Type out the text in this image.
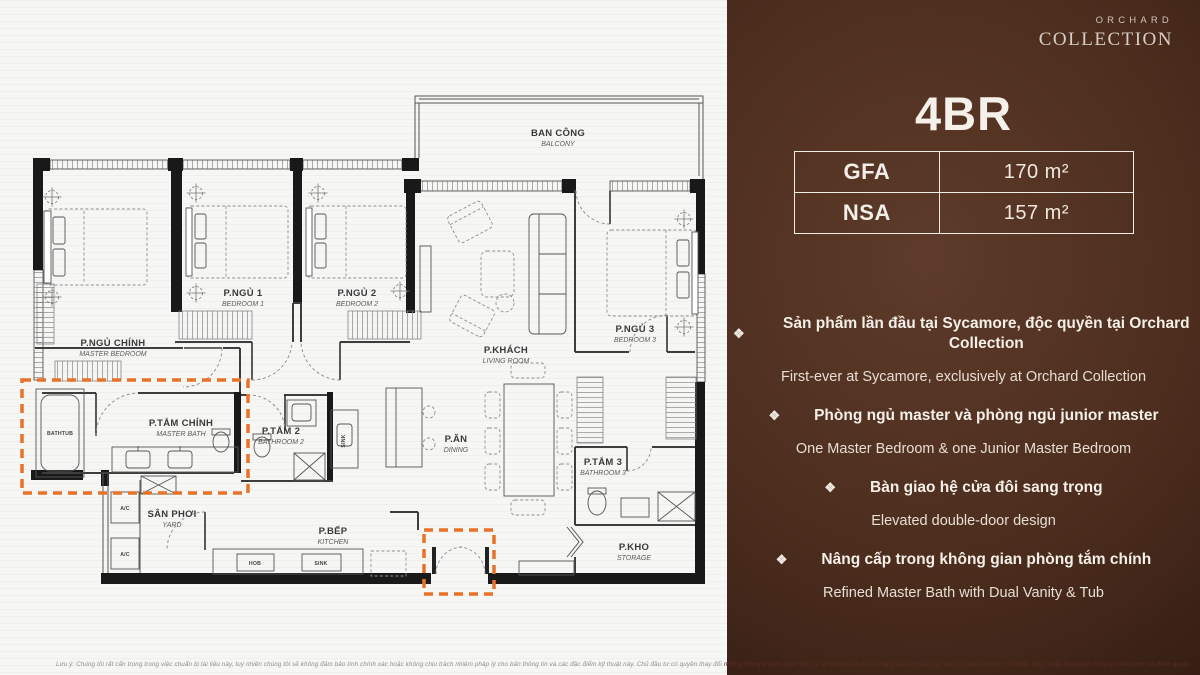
BAN CÔNG
BALCONY
P.NGỦ CHÍNH
MASTER BEDROOM
P.NGỦ 1
BEDROOM 1
P.NGỦ 2
BEDROOM 2
P.KHÁCH
LIVING ROOM
P.NGỦ 3
BEDROOM 3
P.TẮM CHÍNH
MASTER BATH	P.TẮM 2
BATHROOM 2	P.ĂN
DINING
P.TẮM 3
BATHROOM 3
SÂN PHƠI
YARD
P.BẾP
KITCHEN	P.KHO
STORAGE
BATHTUB
SINK
A/C
A/C
HOB	SINK
ORCHARD
COLLECTION
4BR
GFA	170 m²
NSA	157 m²
❖
Sản phẩm lần đầu tại Sycamore, độc quyền tại Orchard Collection
First-ever at Sycamore, exclusively at Orchard Collection
❖ Phòng ngủ master và phòng ngủ junior master
One Master Bedroom & one Junior Master Bedroom
❖ Bàn giao hệ cửa đôi sang trọng
Elevated double-door design
❖ Nâng cấp trong không gian phòng tắm chính
Refined Master Bath with Dual Vanity & Tub
Lưu ý: Chúng tôi rất cẩn trọng trong việc chuẩn bị tài liệu này, tuy nhiên chúng tôi sẽ không đảm bảo tính chính xác hoặc không chịu trách nhiệm pháp lý cho bản thông tin và các đặc điểm kỹ thuật này. Chủ đầu tư có quyền thay đổi những thông tin liên quan đến dự án hoặc toàn bộ những phát sinh sau này sao cho phù hợp thực tế hoặc được chấp thuận bởi cơ quan nhà nước có thẩm quyền.
